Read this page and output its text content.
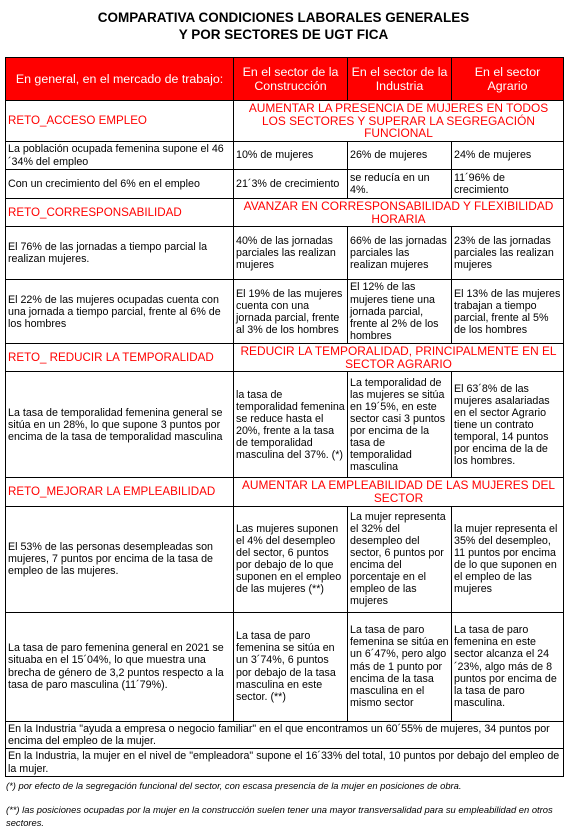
COMPARATIVA CONDICIONES LABORALES GENERALES

Y POR SECTORES DE UGT FICA

En general, en el mercado de trabajo:	En el sector de la Construcción	En el sector de la Industria	En el sector Agrario
RETO_ACCESO EMPLEO	AUMENTAR LA PRESENCIA DE MUJERES EN TODOS LOS SECTORES Y SUPERAR LA SEGREGACIÓN FUNCIONAL		
La población ocupada femenina supone el 46´34% del empleo	10% de mujeres	26% de mujeres	24% de mujeres
Con un crecimiento del 6% en el empleo	21´3% de crecimiento	se reducía en un 4%.	11´96% de crecimiento
RETO_CORRESPONSABILIDAD	AVANZAR EN CORRESPONSABILIDAD Y FLEXIBILIDAD HORARIA		
El 76% de las jornadas a tiempo parcial la realizan mujeres.	40% de las jornadas parciales las realizan mujeres	66% de las jornadas parciales las realizan mujeres	23% de las jornadas parciales las realizan mujeres
El 22% de las mujeres ocupadas cuenta con una jornada a tiempo parcial, frente al 6% de los hombres	El 19% de las mujeres cuenta con una jornada parcial, frente al 3% de los hombres	El 12% de las mujeres tiene una jornada parcial, frente al 2% de los hombres	El 13% de las mujeres trabajan a tiempo parcial, frente al 5% de los hombres
RETO_ REDUCIR LA TEMPORALIDAD	REDUCIR LA TEMPORALIDAD, PRINCIPALMENTE EN EL SECTOR AGRARIO		
La tasa de temporalidad femenina general se sitúa en un 28%, lo que supone 3 puntos por encima de la tasa de temporalidad masculina	la tasa de temporalidad femenina se reduce hasta el 20%, frente a la tasa de temporalidad masculina del 37%. (*)	La temporalidad de las mujeres se sitúa en 19´5%, en este sector casi 3 puntos por encima de la tasa de temporalidad masculina	El 63´8% de las mujeres asalariadas en el sector Agrario tiene un contrato temporal, 14 puntos por encima de la de los hombres.
RETO_MEJORAR LA EMPLEABILIDAD	AUMENTAR LA EMPLEABILIDAD DE LAS MUJERES DEL SECTOR		
El 53% de las personas desempleadas son mujeres, 7 puntos por encima de la tasa de empleo de las mujeres.	Las mujeres suponen el 4% del desempleo del sector, 6 puntos por debajo de lo que suponen en el empleo de las mujeres (**)	La mujer representa el 32% del desempleo del sector, 6 puntos por encima del porcentaje en el empleo de las mujeres	la mujer representa el 35% del desempleo, 11 puntos por encima de lo que suponen en el empleo de las mujeres
La tasa de paro femenina general en 2021 se situaba en el 15´04%, lo que muestra una brecha de género de 3,2 puntos respecto a la tasa de paro masculina (11´79%).	La tasa de paro femenina se sitúa en un 3´74%, 6 puntos por debajo de la tasa masculina en este sector. (**)	La tasa de paro femenina se sitúa en un 6´47%, pero algo más de 1 punto por encima de la tasa masculina en el mismo sector	La tasa de paro femenina en este sector alcanza el 24´23%, algo más de 8 puntos por encima de la tasa de paro masculina.
En la Industria "ayuda a empresa o negocio familiar" en el que encontramos un 60´55% de mujeres, 34 puntos por encima del empleo de la mujer.			
En la Industria, la mujer en el nivel de "empleadora" supone el 16´33% del total, 10 puntos por debajo del empleo de la mujer.			

(*) por efecto de la segregación funcional del sector, con escasa presencia de la mujer en posiciones de obra.

(**) las posiciones ocupadas por la mujer en la construcción suelen tener una mayor transversalidad para su empleabilidad en otros sectores.
